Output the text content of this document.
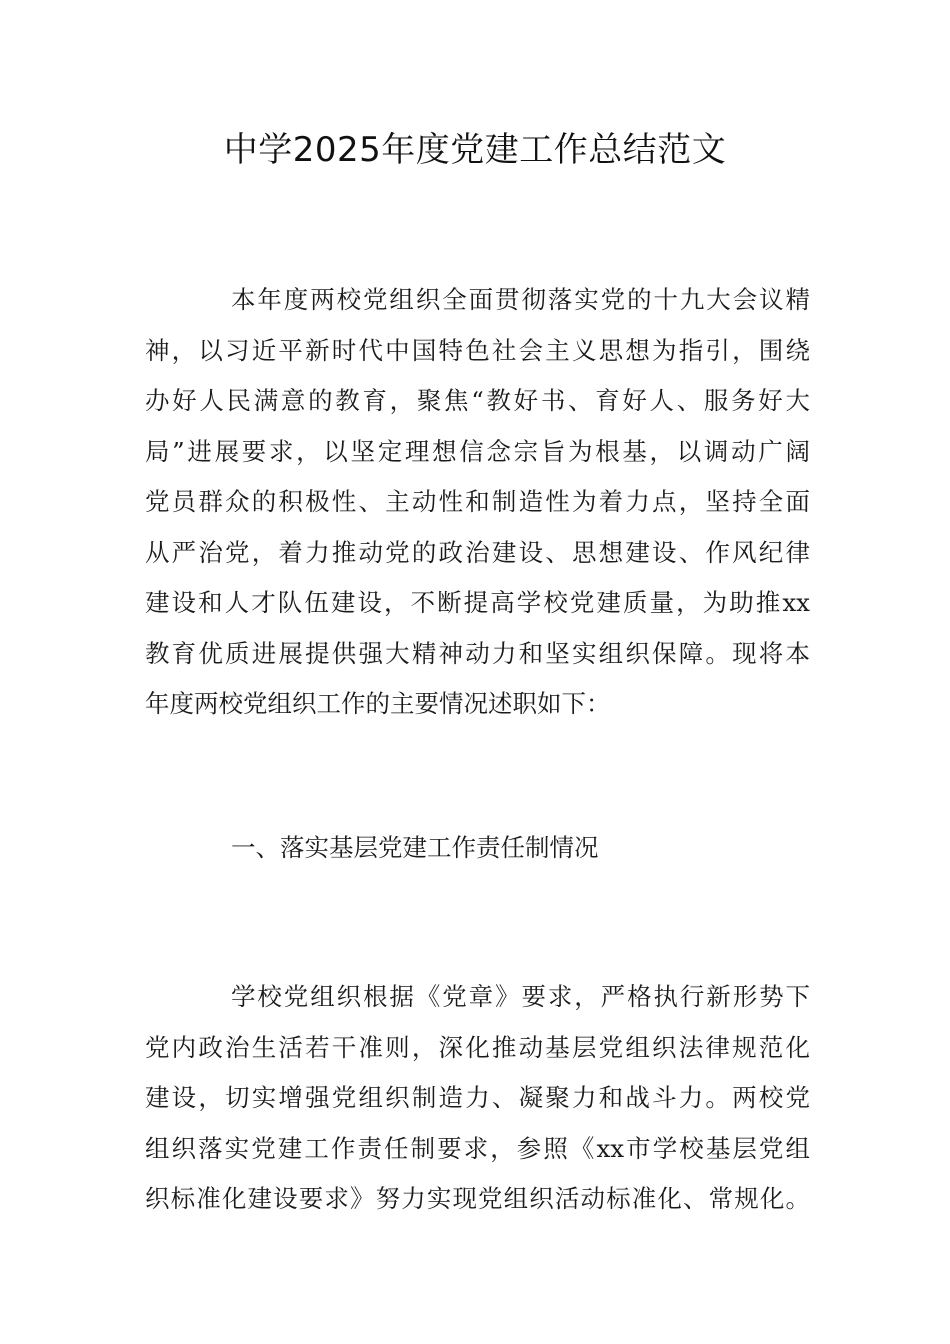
中学2025年度党建工作总结范文
本年度两校党组织全面贯彻落实党的十九大会议精
神，以习近平新时代中国特色社会主义思想为指引，围绕
办好人民满意的教育，聚焦“教好书、育好人、服务好大
局”进展要求，以坚定理想信念宗旨为根基，以调动广阔
党员群众的积极性、主动性和制造性为着力点，坚持全面
从严治党，着力推动党的政治建设、思想建设、作风纪律
建设和人才队伍建设，不断提高学校党建质量，为助推xx
教育优质进展提供强大精神动力和坚实组织保障。现将本
年度两校党组织工作的主要情况述职如下：
一、落实基层党建工作责任制情况
学校党组织根据《党章》要求，严格执行新形势下
党内政治生活若干准则，深化推动基层党组织法律规范化
建设，切实增强党组织制造力、凝聚力和战斗力。两校党
组织落实党建工作责任制要求，参照《xx市学校基层党组
织标准化建设要求》努力实现党组织活动标准化、常规化。
